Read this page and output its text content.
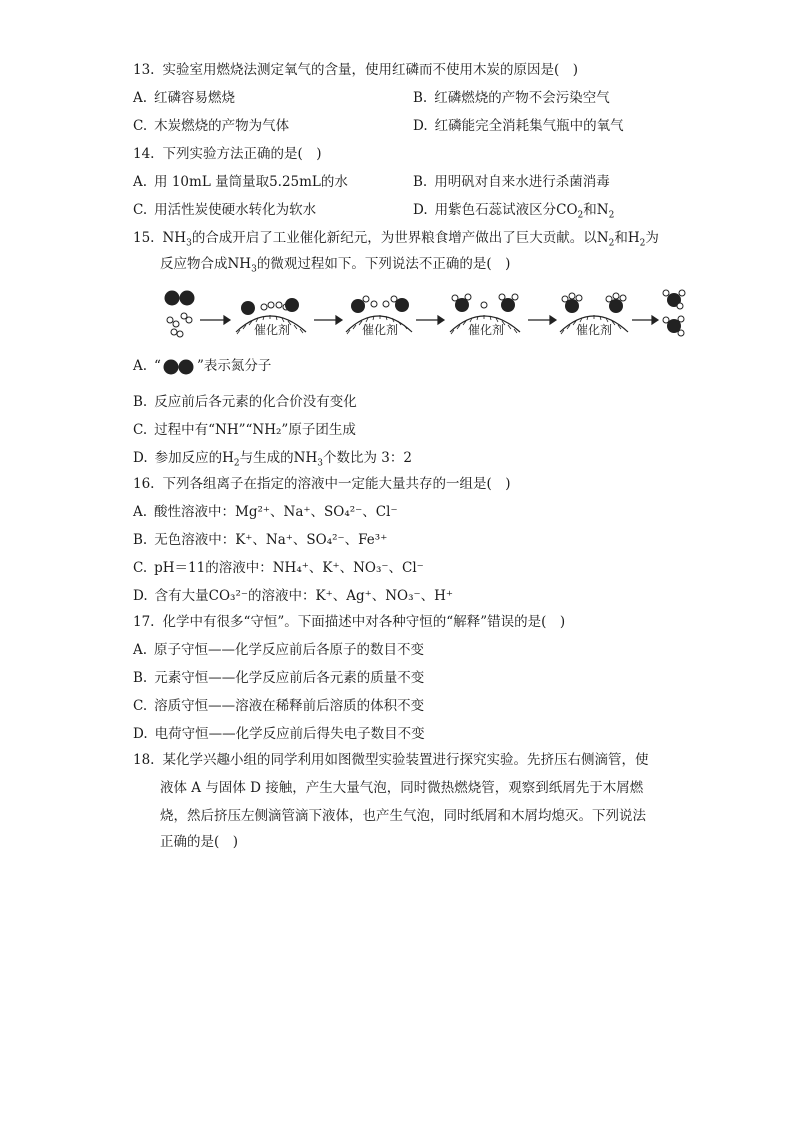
13. 实验室用燃烧法测定氧气的含量，使用红磷而不使用木炭的原因是(　)
A. 红磷容易燃烧	B. 红磷燃烧的产物不会污染空气
C. 木炭燃烧的产物为气体	D. 红磷能完全消耗集气瓶中的氧气
14. 下列实验方法正确的是(　)
A. 用 10mL 量筒量取5.25mL的水	B. 用明矾对自来水进行杀菌消毒
C. 用活性炭使硬水转化为软水	D. 用紫色石蕊试液区分$CO_2$和$N_2$
15. $NH_3$的合成开启了工业催化新纪元，为世界粮食增产做出了巨大贡献。以$N_2$和$H_2$为
反应物合成$NH_3$的微观过程如下。下列说法不正确的是(　)
催化剂	催化剂	催化剂	催化剂
A. “	”表示氮分子
B. 反应前后各元素的化合价没有变化
C. 过程中有“NH”“NH₂”原子团生成
D. 参加反应的$H_2$与生成的$NH_3$个数比为 3：2
16. 下列各组离子在指定的溶液中一定能大量共存的一组是(　)
A. 酸性溶液中：Mg²⁺、Na⁺、SO₄²⁻、Cl⁻
B. 无色溶液中：K⁺、Na⁺、SO₄²⁻、Fe³⁺
C. pH＝11的溶液中：NH₄⁺、K⁺、NO₃⁻、Cl⁻
D. 含有大量CO₃²⁻的溶液中：K⁺、Ag⁺、NO₃⁻、H⁺
17. 化学中有很多“守恒”。下面描述中对各种守恒的“解释”错误的是(　)
A. 原子守恒——化学反应前后各原子的数目不变
B. 元素守恒——化学反应前后各元素的质量不变
C. 溶质守恒——溶液在稀释前后溶质的体积不变
D. 电荷守恒——化学反应前后得失电子数目不变
18. 某化学兴趣小组的同学利用如图微型实验装置进行探究实验。先挤压右侧滴管，使
液体 A 与固体 D 接触，产生大量气泡，同时微热燃烧管，观察到纸屑先于木屑燃
烧，然后挤压左侧滴管滴下液体，也产生气泡，同时纸屑和木屑均熄灭。下列说法
正确的是(　)
